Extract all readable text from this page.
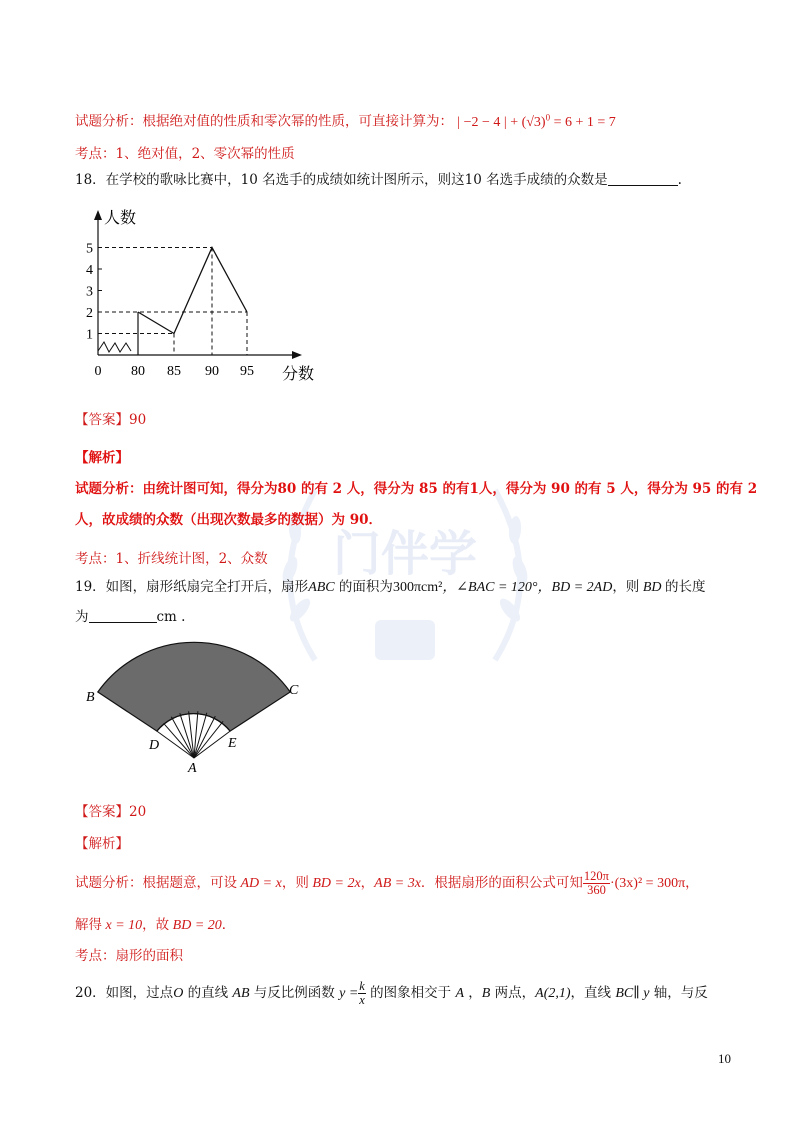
门伴学
试题分析：根据绝对值的性质和零次幂的性质，可直接计算为： | −2 − 4 | + $(√3)^0 = 6 + 1 = 7$
考点：1、绝对值，2、零次幂的性质
18．在学校的歌咏比赛中，10 名选手的成绩如统计图所示，则这10 名选手成绩的众数是	.
1
2
3
4
5
0 80 85 90 95
人数
分数
【答案】90
【解析】
试题分析：由统计图可知，得分为80 的有 2 人，得分为 85 的有1人，得分为 90 的有 5 人，得分为 95 的有 2
人，故成绩的众数（出现次数最多的数据）为 90．
考点：1、折线统计图，2、众数
19．如图，扇形纸扇完全打开后，扇形ABC 的面积为300πcm²，∠BAC = 120°，BD = 2AD，则 BD 的长度
为	cm .
B	C
D	E
A
【答案】20
【解析】
试题分析：根据题意，可设 AD = x，则 BD = 2x，AB = 3x．根据扇形的面积公式可知 $\frac{120\pi}{360} \cdot(3x)^2 = 300\pi$，
解得 x = 10，故 BD = 20．
考点：扇形的面积
20．如图，过点O 的直线 AB 与反比例函数 $y = \frac{k}{x}$ 的图象相交于 A ，B 两点，A(2,1)，直线 BC∥ y 轴，与反
10
